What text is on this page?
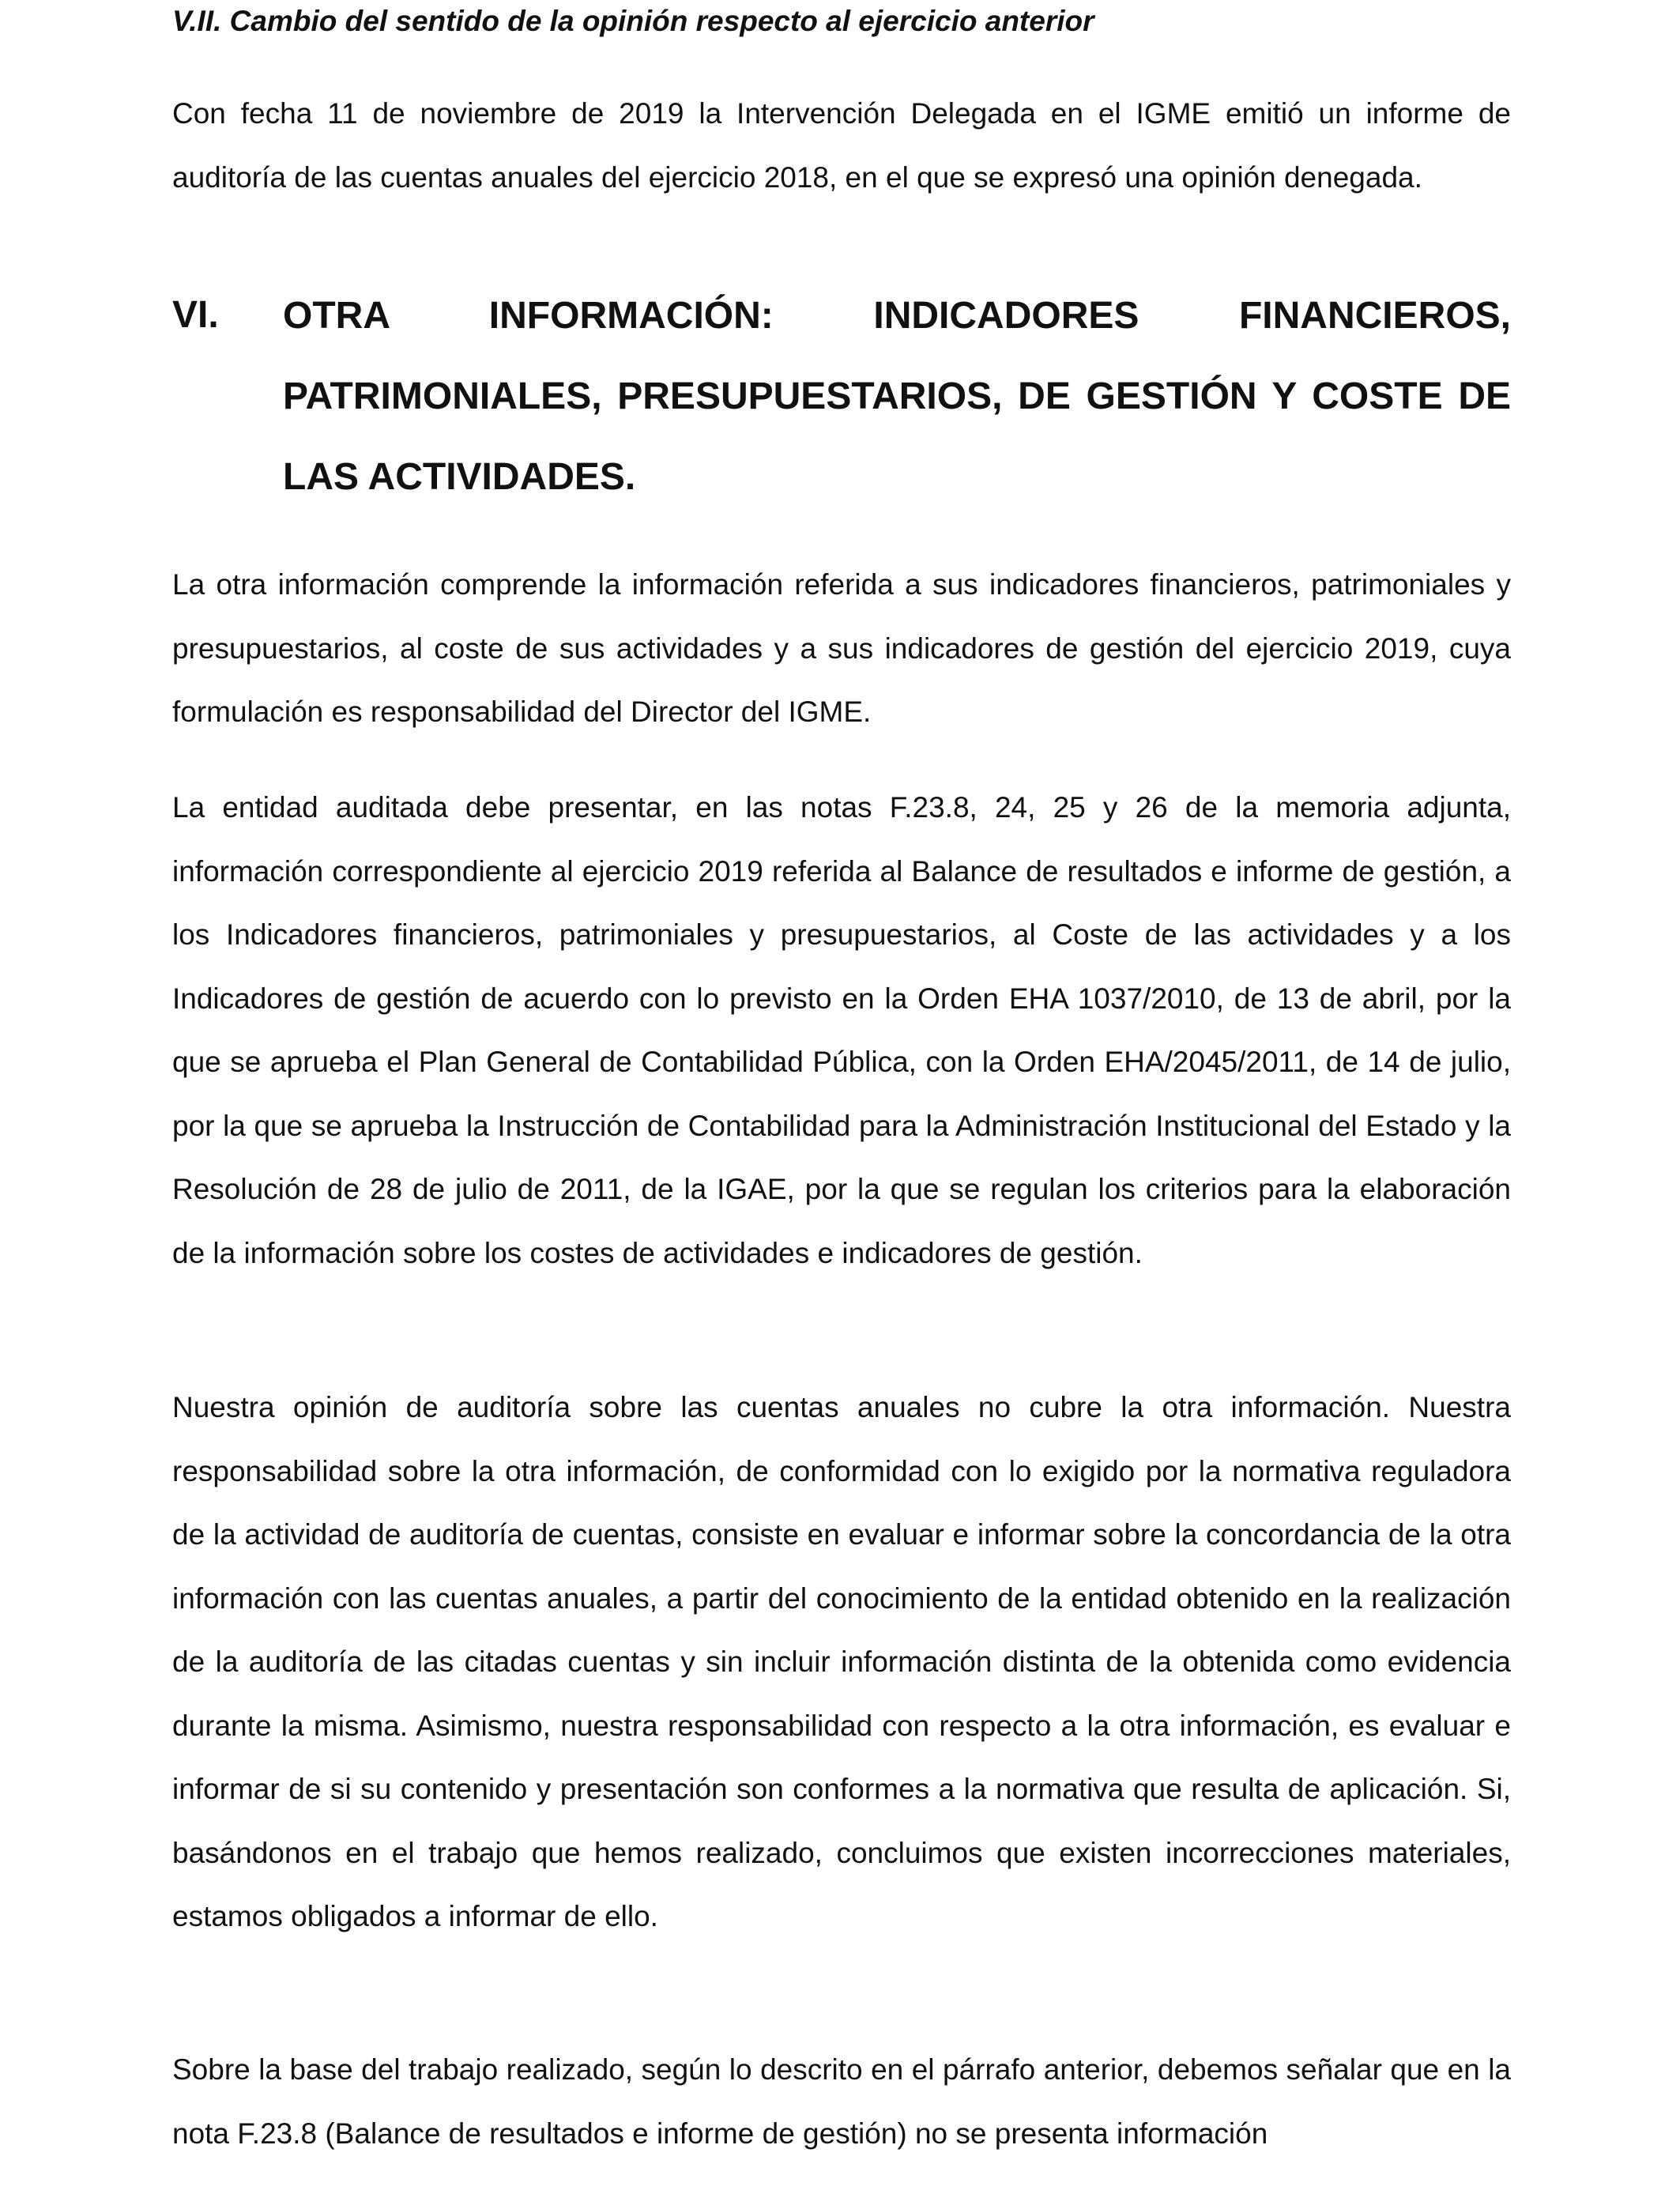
V.II. Cambio del sentido de la opinión respecto al ejercicio anterior

Con fecha 11 de noviembre de 2019 la Intervención Delegada en el IGME emitió un informe de auditoría de las cuentas anuales del ejercicio 2018, en el que se expresó una opinión denegada.

VI. OTRA INFORMACIÓN: INDICADORES FINANCIEROS, PATRIMONIALES, PRESUPUESTARIOS, DE GESTIÓN Y COSTE DE LAS ACTIVIDADES.

La otra información comprende la información referida a sus indicadores financieros, patrimoniales y presupuestarios, al coste de sus actividades y a sus indicadores de gestión del ejercicio 2019, cuya formulación es responsabilidad del Director del IGME.

La entidad auditada debe presentar, en las notas F.23.8, 24, 25 y 26 de la memoria adjunta, información correspondiente al ejercicio 2019 referida al Balance de resultados e informe de gestión, a los Indicadores financieros, patrimoniales y presupuestarios, al Coste de las actividades y a los Indicadores de gestión de acuerdo con lo previsto en la Orden EHA 1037/2010, de 13 de abril, por la que se aprueba el Plan General de Contabilidad Pública, con la Orden EHA/2045/2011, de 14 de julio, por la que se aprueba la Instrucción de Contabilidad para la Administración Institucional del Estado y la Resolución de 28 de julio de 2011, de la IGAE, por la que se regulan los criterios para la elaboración de la información sobre los costes de actividades e indicadores de gestión.

Nuestra opinión de auditoría sobre las cuentas anuales no cubre la otra información. Nuestra responsabilidad sobre la otra información, de conformidad con lo exigido por la normativa reguladora de la actividad de auditoría de cuentas, consiste en evaluar e informar sobre la concordancia de la otra información con las cuentas anuales, a partir del conocimiento de la entidad obtenido en la realización de la auditoría de las citadas cuentas y sin incluir información distinta de la obtenida como evidencia durante la misma. Asimismo, nuestra responsabilidad con respecto a la otra información, es evaluar e informar de si su contenido y presentación son conformes a la normativa que resulta de aplicación. Si, basándonos en el trabajo que hemos realizado, concluimos que existen incorrecciones materiales, estamos obligados a informar de ello.

Sobre la base del trabajo realizado, según lo descrito en el párrafo anterior, debemos señalar que en la nota F.23.8 (Balance de resultados e informe de gestión) no se presenta información
